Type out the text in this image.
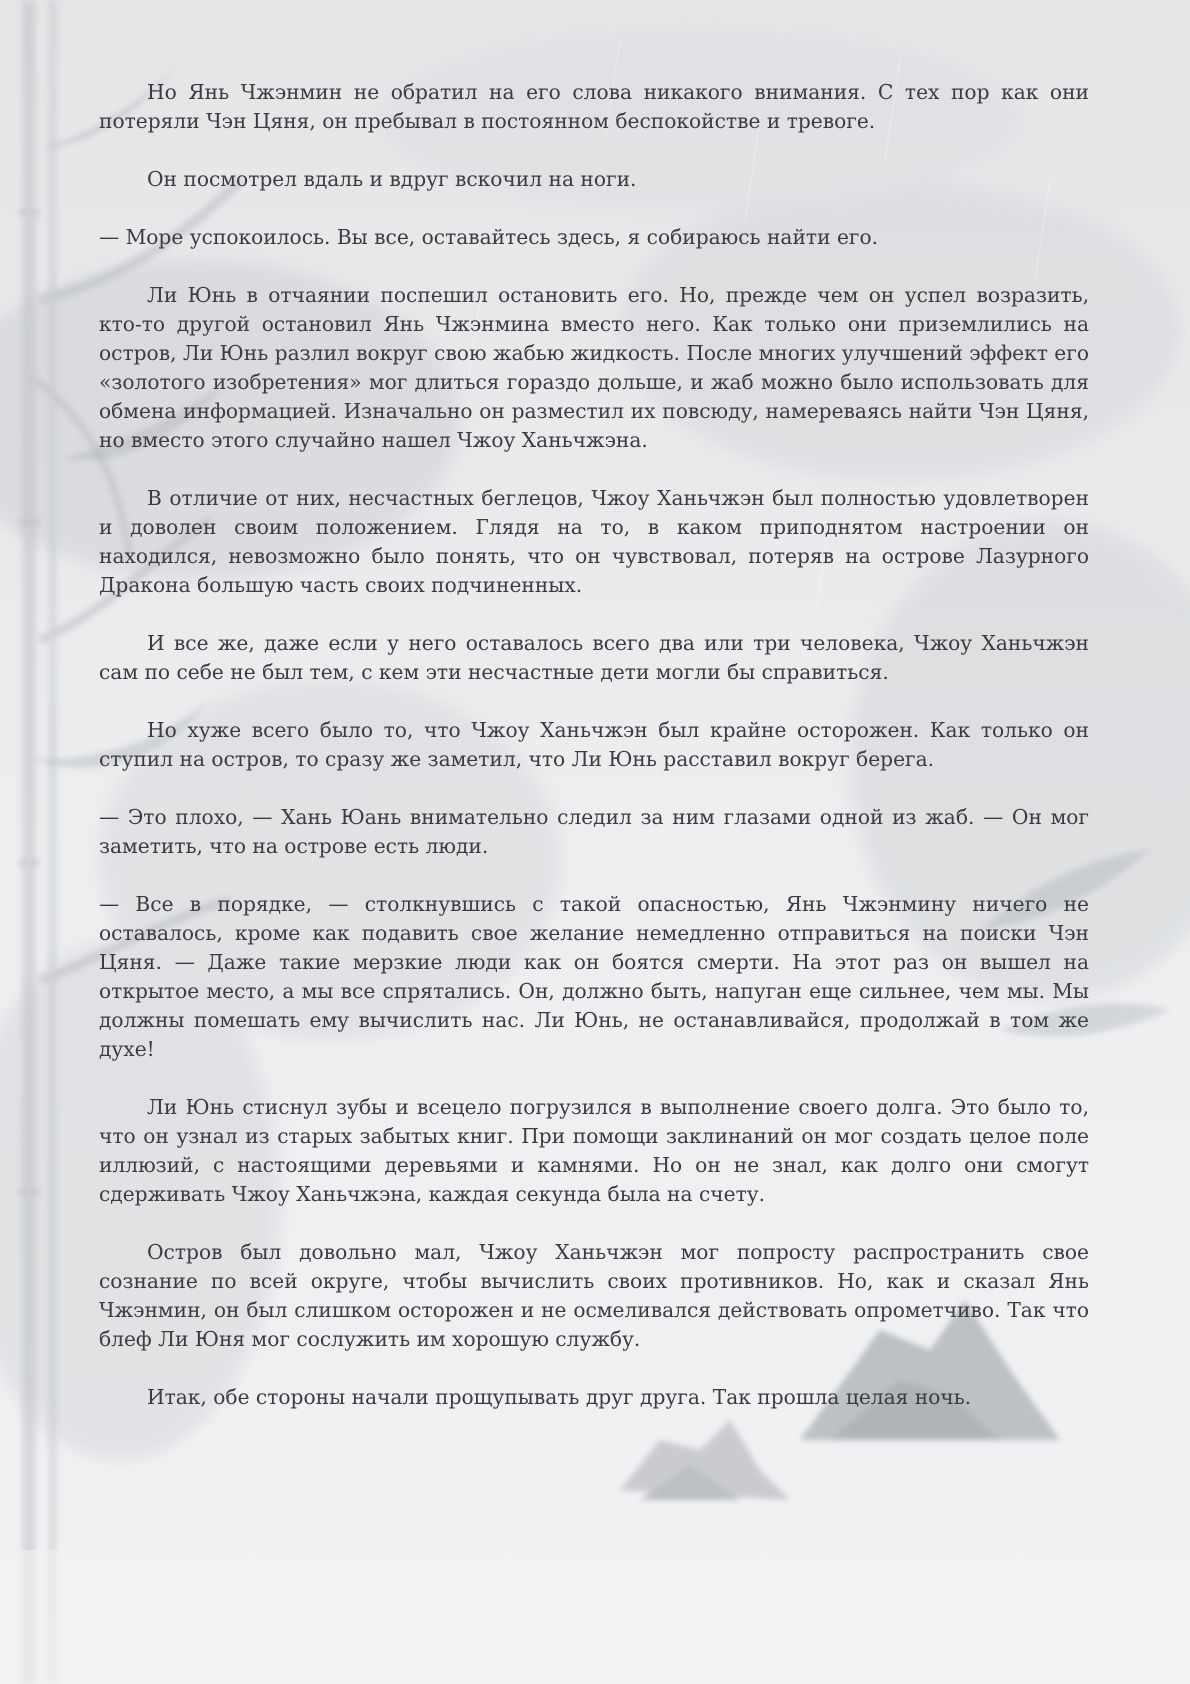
Но Янь Чжэнмин не обратил на его слова никакого внимания. С тех пор как они потеряли Чэн Цяня, он пребывал в постоянном беспокойстве и тревоге.

Он посмотрел вдаль и вдруг вскочил на ноги.

— Море успокоилось. Вы все, оставайтесь здесь, я собираюсь найти его.

Ли Юнь в отчаянии поспешил остановить его. Но, прежде чем он успел возразить, кто-то другой остановил Янь Чжэнмина вместо него. Как только они приземлились на остров, Ли Юнь разлил вокруг свою жабью жидкость. После многих улучшений эффект его «золотого изобретения» мог длиться гораздо дольше, и жаб можно было использовать для обмена информацией. Изначально он разместил их повсюду, намереваясь найти Чэн Цяня, но вместо этого случайно нашел Чжоу Ханьчжэна.

В отличие от них, несчастных беглецов, Чжоу Ханьчжэн был полностью удовлетворен и доволен своим положением. Глядя на то, в каком приподнятом настроении он находился, невозможно было понять, что он чувствовал, потеряв на острове Лазурного Дракона большую часть своих подчиненных.

И все же, даже если у него оставалось всего два или три человека, Чжоу Ханьчжэн сам по себе не был тем, с кем эти несчастные дети могли бы справиться.

Но хуже всего было то, что Чжоу Ханьчжэн был крайне осторожен. Как только он ступил на остров, то сразу же заметил, что Ли Юнь расставил вокруг берега.

— Это плохо, — Хань Юань внимательно следил за ним глазами одной из жаб. — Он мог заметить, что на острове есть люди.

— Все в порядке, — столкнувшись с такой опасностью, Янь Чжэнмину ничего не оставалось, кроме как подавить свое желание немедленно отправиться на поиски Чэн Цяня. — Даже такие мерзкие люди как он боятся смерти. На этот раз он вышел на открытое место, а мы все спрятались. Он, должно быть, напуган еще сильнее, чем мы. Мы должны помешать ему вычислить нас. Ли Юнь, не останавливайся, продолжай в том же духе!

Ли Юнь стиснул зубы и всецело погрузился в выполнение своего долга. Это было то, что он узнал из старых забытых книг. При помощи заклинаний он мог создать целое поле иллюзий, с настоящими деревьями и камнями. Но он не знал, как долго они смогут сдерживать Чжоу Ханьчжэна, каждая секунда была на счету.

Остров был довольно мал, Чжоу Ханьчжэн мог попросту распространить свое сознание по всей округе, чтобы вычислить своих противников. Но, как и сказал Янь Чжэнмин, он был слишком осторожен и не осмеливался действовать опрометчиво. Так что блеф Ли Юня мог сослужить им хорошую службу.

Итак, обе стороны начали прощупывать друг друга. Так прошла целая ночь.
